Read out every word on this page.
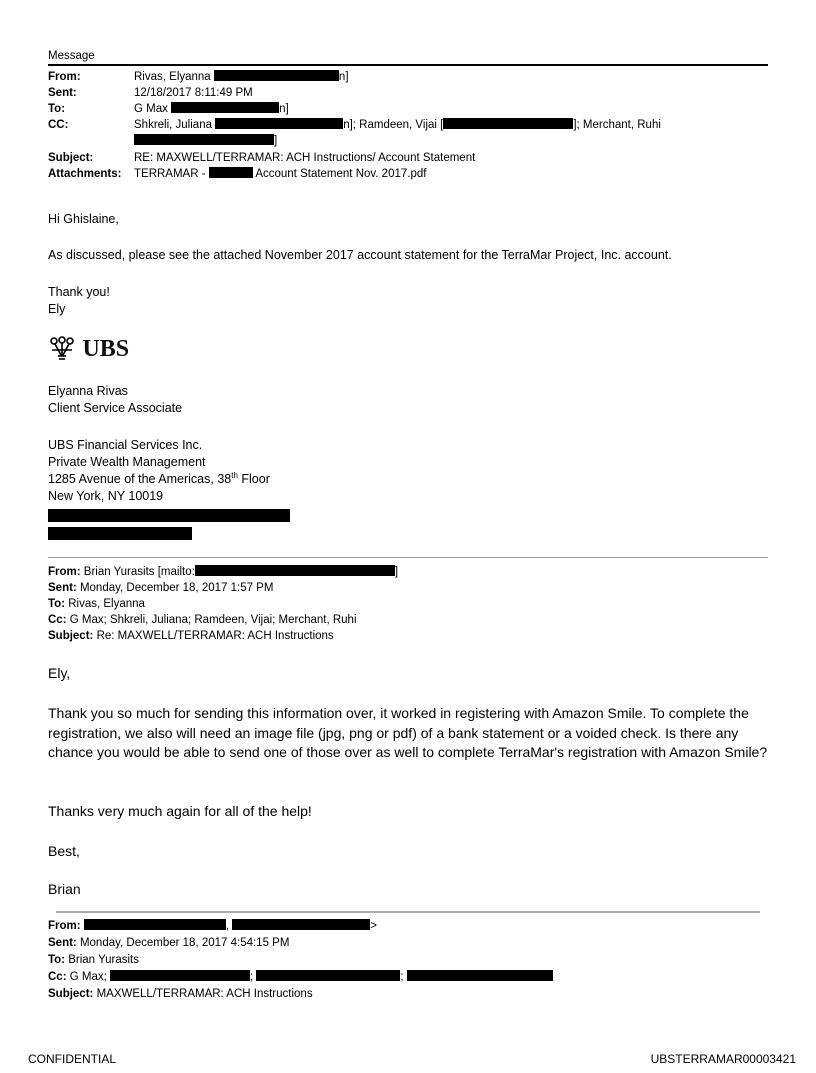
Message
From:	Rivas, Elyanna	n]
Sent:	12/18/2017 8:11:49 PM
To:	G Max	n]
CC:	Shkreli, Juliana	n]; Ramdeen, Vijai [	]; Merchant, Ruhi
]
Subject:	RE: MAXWELL/TERRAMAR: ACH Instructions/ Account Statement
Attachments: TERRAMAR -	Account Statement Nov. 2017.pdf
Hi Ghislaine,
As discussed, please see the attached November 2017 account statement for the TerraMar Project, Inc. account.
Thank you!
Ely
UBS
Elyanna Rivas
Client Service Associate
UBS Financial Services Inc.
Private Wealth Management
1285 Avenue of the Americas, 38th Floor
New York, NY 10019
From: Brian Yurasits [mailto:	]
Sent: Monday, December 18, 2017 1:57 PM
To: Rivas, Elyanna
Cc: G Max; Shkreli, Juliana; Ramdeen, Vijai; Merchant, Ruhi
Subject: Re: MAXWELL/TERRAMAR: ACH Instructions
Ely,
Thank you so much for sending this information over, it worked in registering with Amazon Smile. To complete the registration, we also will need an image file (jpg, png or pdf) of a bank statement or a voided check. Is there any chance you would be able to send one of those over as well to complete TerraMar's registration with Amazon Smile?
Thanks very much again for all of the help!
Best,
Brian
From:	,	>
Sent: Monday, December 18, 2017 4:54:15 PM
To: Brian Yurasits
Cc: G Max;	;	;
Subject: MAXWELL/TERRAMAR: ACH Instructions
CONFIDENTIAL	UBSTERRAMAR00003421
